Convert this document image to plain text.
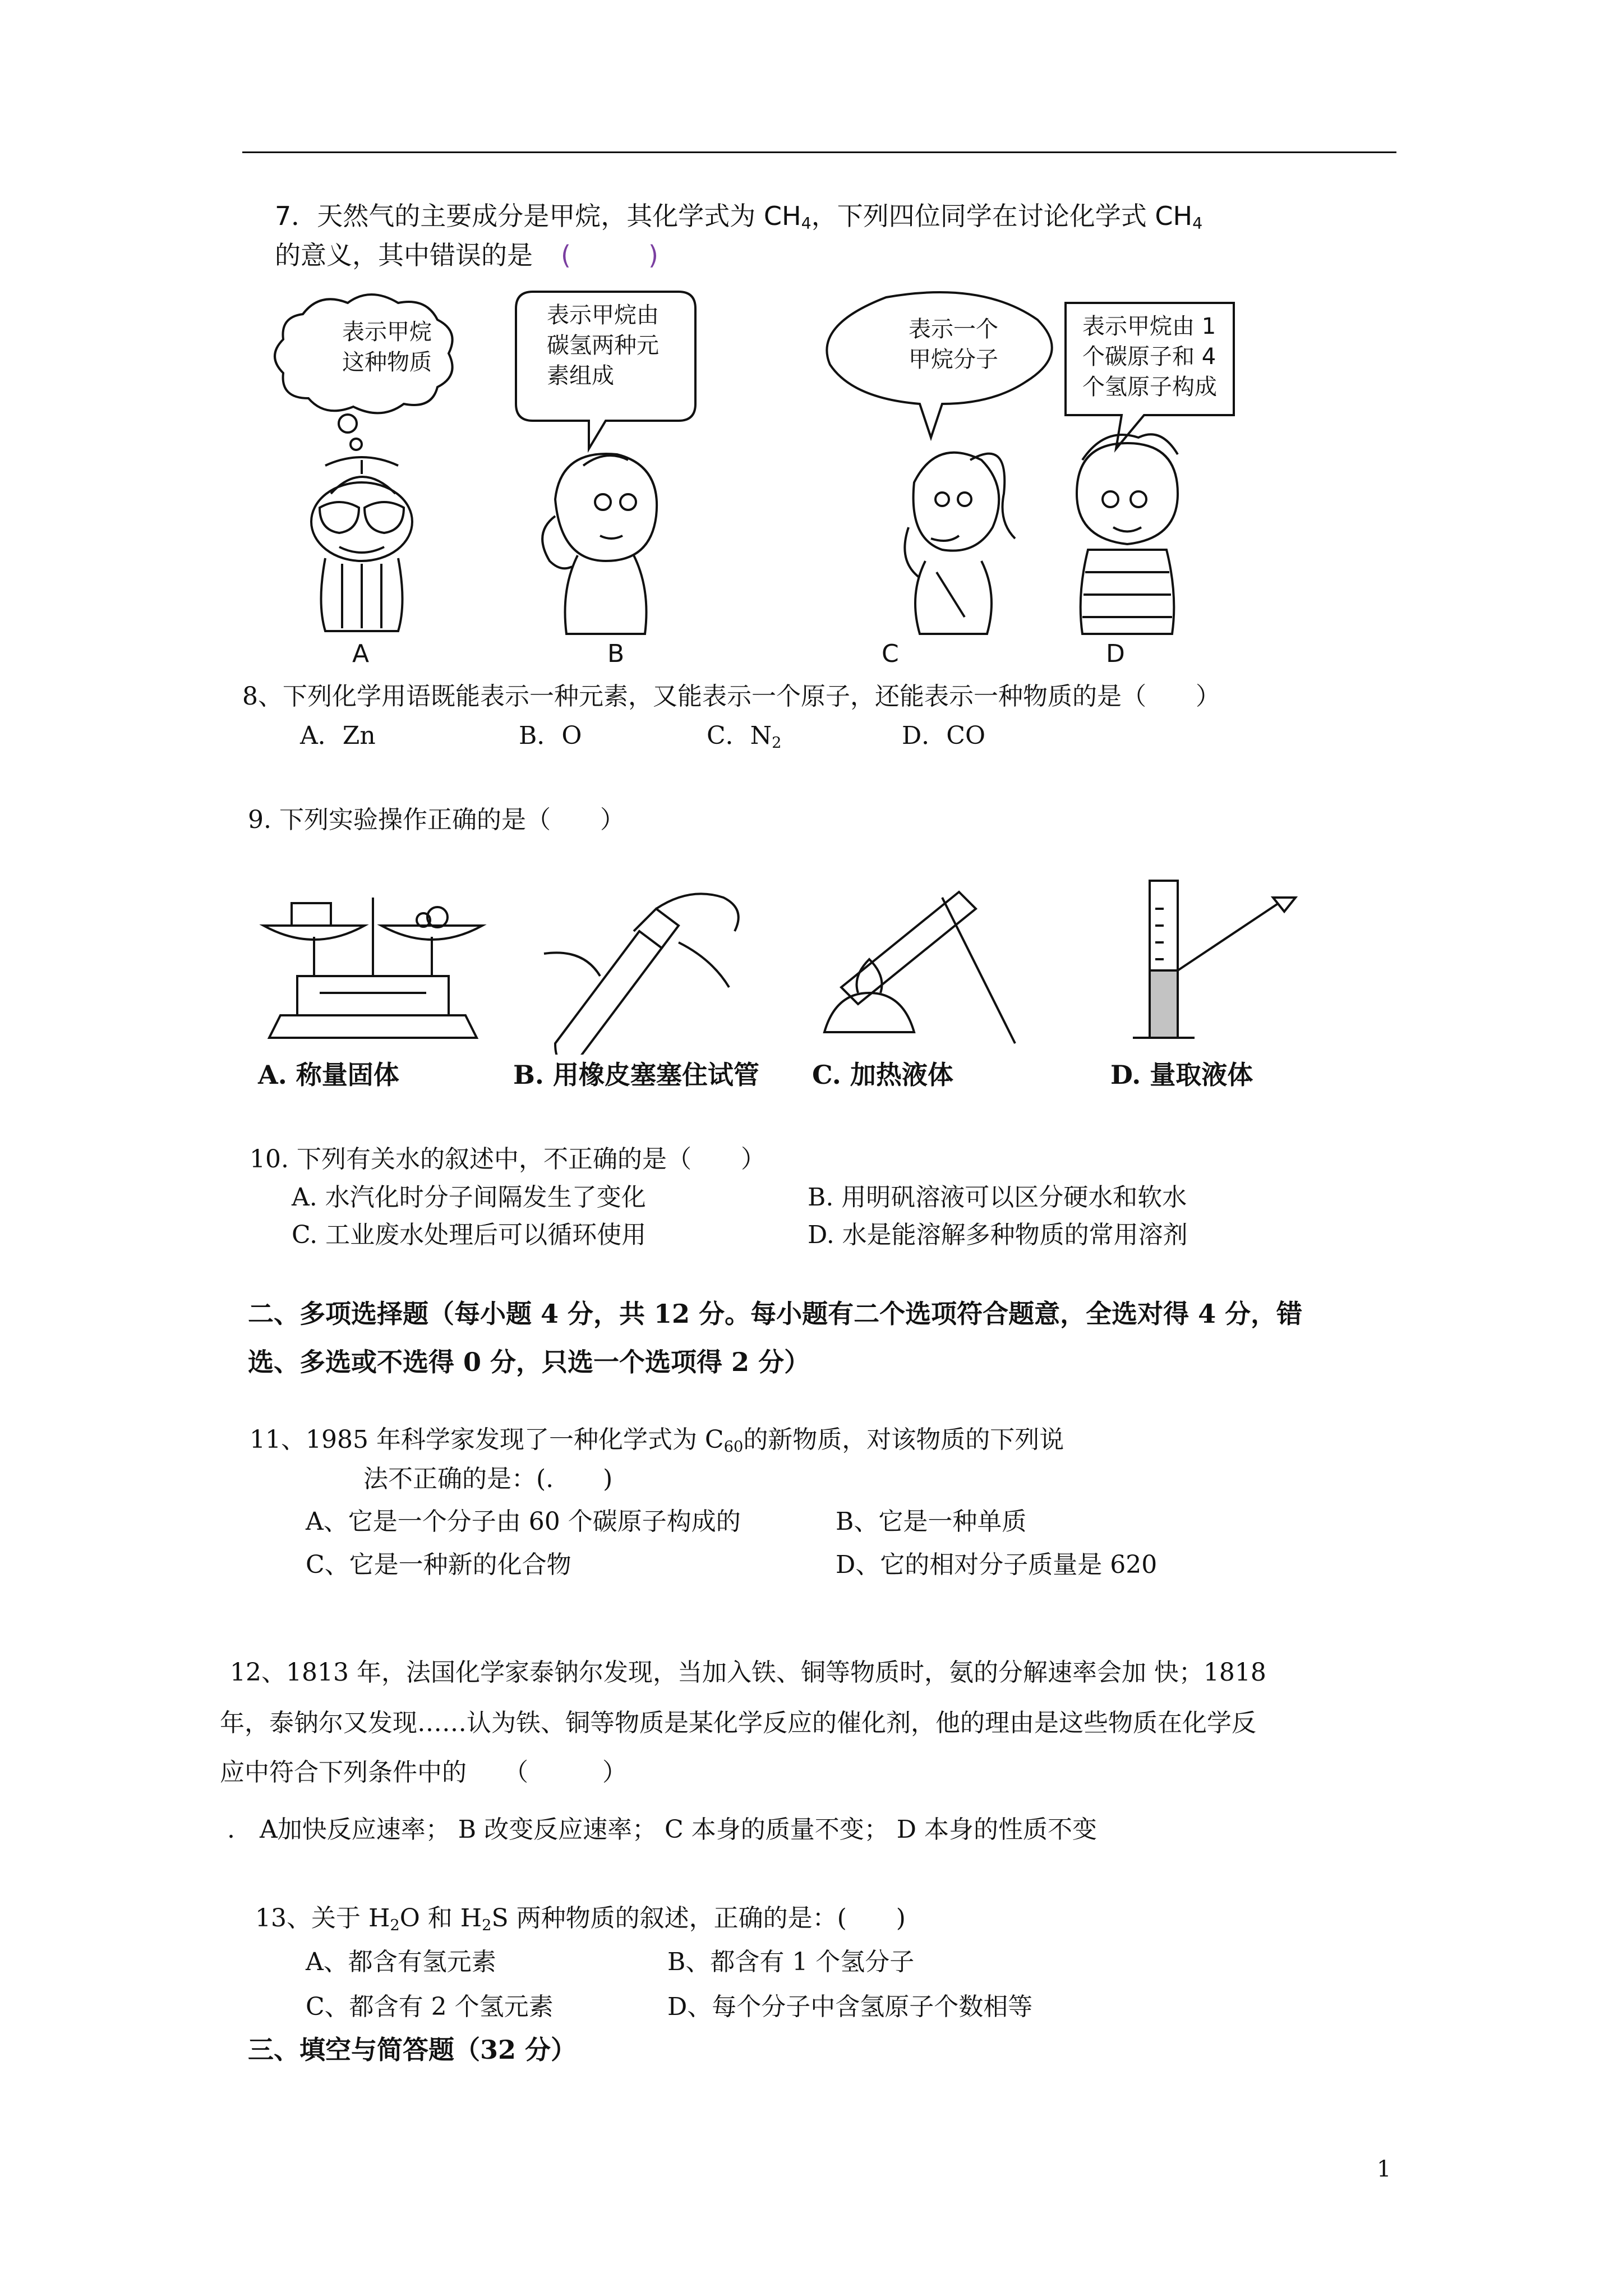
7．天然气的主要成分是甲烷，其化学式为 $CH_4$，下列四位同学在讨论化学式 $CH_4$
的意义，其中错误的是 (　　　)
表示甲烷
这种物质
表示甲烷由
碳氢两种元
素组成
表示一个
甲烷分子
表示甲烷由 1
个碳原子和 4
个氢原子构成
A	B	C	D
8、下列化学用语既能表示一种元素，又能表示一个原子，还能表示一种物质的是（　　）
A．Zn	B．O	C．$N_2$	D．CO
9. 下列实验操作正确的是（　　）
A. 称量固体	B. 用橡皮塞塞住试管 C. 加热液体	D. 量取液体
10. 下列有关水的叙述中，不正确的是（　　）
A. 水汽化时分子间隔发生了变化	B. 用明矾溶液可以区分硬水和软水
C. 工业废水处理后可以循环使用	D. 水是能溶解多种物质的常用溶剂
二、多项选择题（每小题 4 分，共 12 分。每小题有二个选项符合题意，全选对得 4 分，错
选、多选或不选得 0 分，只选一个选项得 2 分）
11、1985 年科学家发现了一种化学式为 $C_{60}$的新物质，对该物质的下列说
法不正确的是：(.　　)
A、它是一个分子由 60 个碳原子构成的	B、它是一种单质
C、它是一种新的化合物	D、它的相对分子质量是 620
12、1813 年，法国化学家泰钠尔发现，当加入铁、铜等物质时，氨的分解速率会加 快；1818
年，泰钠尔又发现……认为铁、铜等物质是某化学反应的催化剂，他的理由是这些物质在化学反
应中符合下列条件中的　　（　　　）
.　A加快反应速率； B 改变反应速率； C 本身的质量不变； D 本身的性质不变
13、关于 $H_2O$ 和 $H_2S$ 两种物质的叙述，正确的是：(　　)
A、都含有氢元素	B、都含有 1 个氢分子
C、都含有 2 个氢元素	D、每个分子中含氢原子个数相等
三、填空与简答题（32 分）
1
